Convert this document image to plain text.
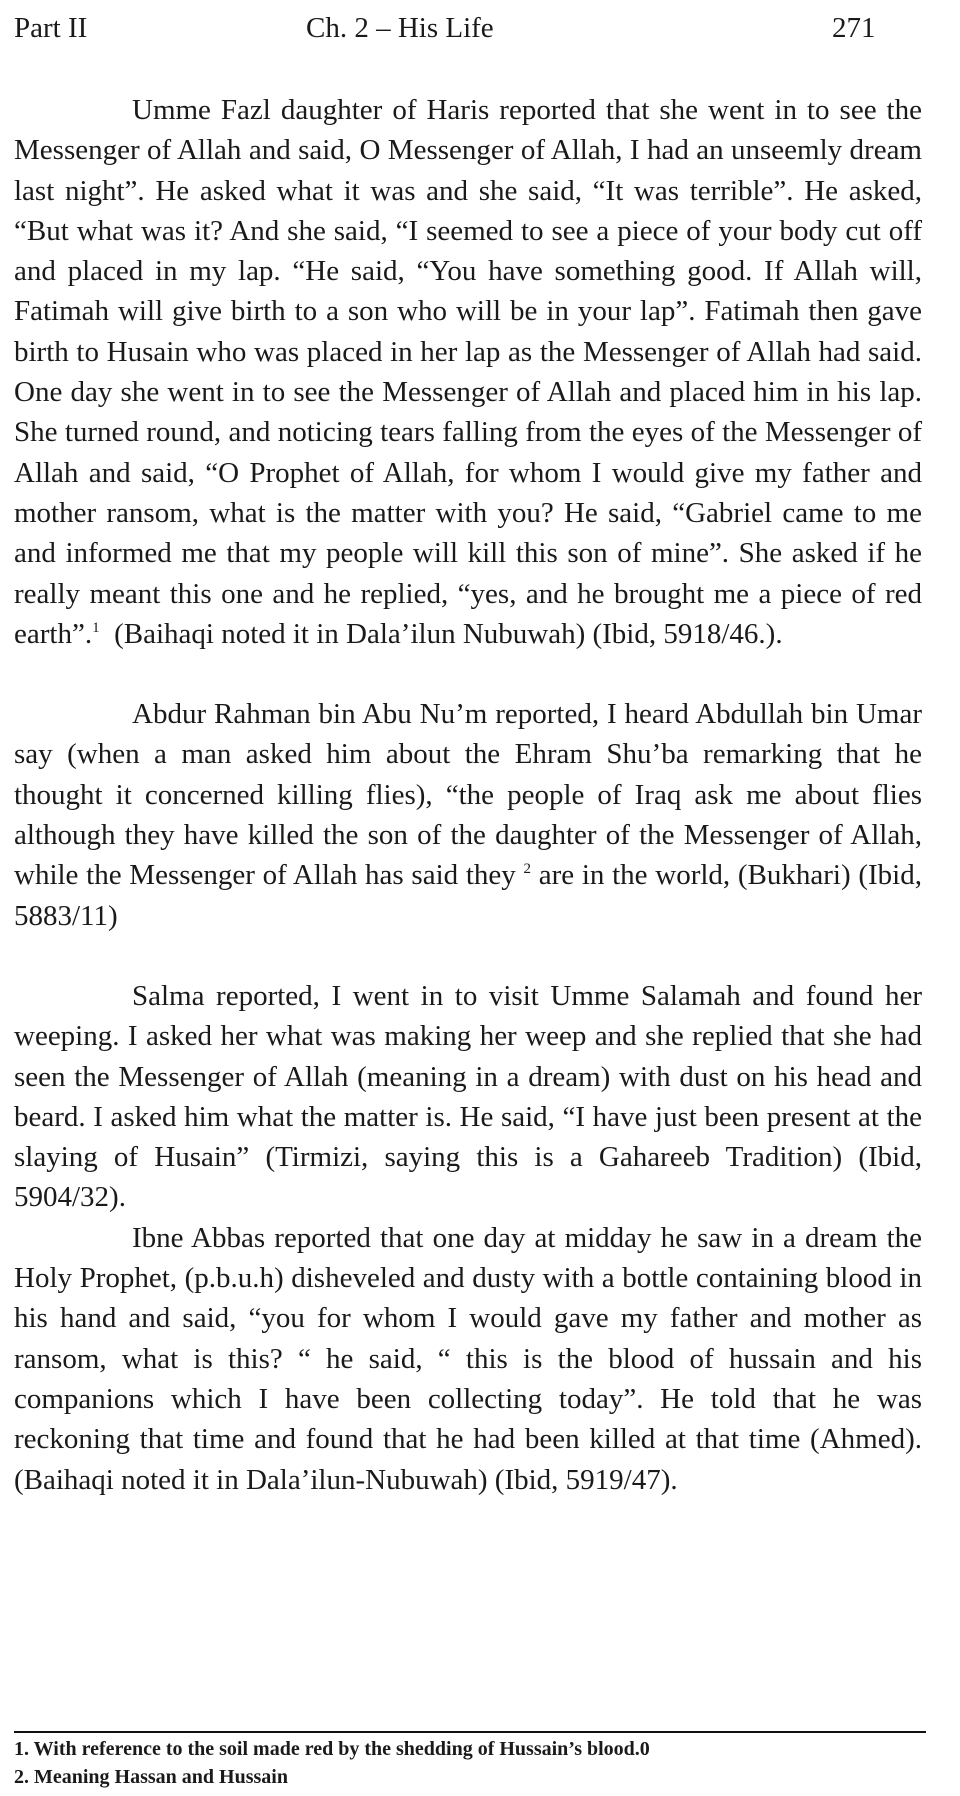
Part II	Ch. 2 – His Life	271

Umme Fazl daughter of Haris reported that she went in to see the Messenger of Allah and said, O Messenger of Allah, I had an unseemly dream last night”. He asked what it was and she said, “It was terrible”. He asked, “But what was it? And she said, “I seemed to see a piece of your body cut off and placed in my lap. “He said, “You have something good. If Allah will, Fatimah will give birth to a son who will be in your lap”. Fatimah then gave birth to Husain who was placed in her lap as the Messenger of Allah had said. One day she went in to see the Messenger of Allah and placed him in his lap. She turned round, and noticing tears falling from the eyes of the Messenger of Allah and said, “O Prophet of Allah, for whom I would give my father and mother ransom, what is the matter with you? He said, “Gabriel came to me and informed me that my people will kill this son of mine”. She asked if he really meant this one and he replied, “yes, and he brought me a piece of red earth”.$^1$  (Baihaqi noted it in Dala’ilun Nubuwah) (Ibid, 5918/46.).

Abdur Rahman bin Abu Nu’m reported, I heard Abdullah bin Umar say (when a man asked him about the Ehram Shu’ba remarking that he thought it concerned killing flies), “the people of Iraq ask me about flies although they have killed the son of the daughter of the Messenger of Allah, while the Messenger of Allah has said they $^2$ are in the world, (Bukhari) (Ibid, 5883/11)

Salma reported, I went in to visit Umme Salamah and found her weeping. I asked her what was making her weep and she replied that she had seen the Messenger of Allah (meaning in a dream) with dust on his head and beard. I asked him what the matter is. He said, “I have just been present at the slaying of Husain” (Tirmizi, saying this is a Gahareeb Tradition) (Ibid, 5904/32).

Ibne Abbas reported that one day at midday he saw in a dream the Holy Prophet, (p.b.u.h) disheveled and dusty with a bottle containing blood in his hand and said, “you for whom I would gave my father and mother as ransom, what is this? “ he said, “ this is the blood of hussain and his companions which I have been collecting today”. He told that he was reckoning that time and found that he had been killed at that time (Ahmed). (Baihaqi noted it in Dala’ilun-Nubuwah) (Ibid, 5919/47).

1. With reference to the soil made red by the shedding of Hussain’s blood.0

2. Meaning Hassan and Hussain
